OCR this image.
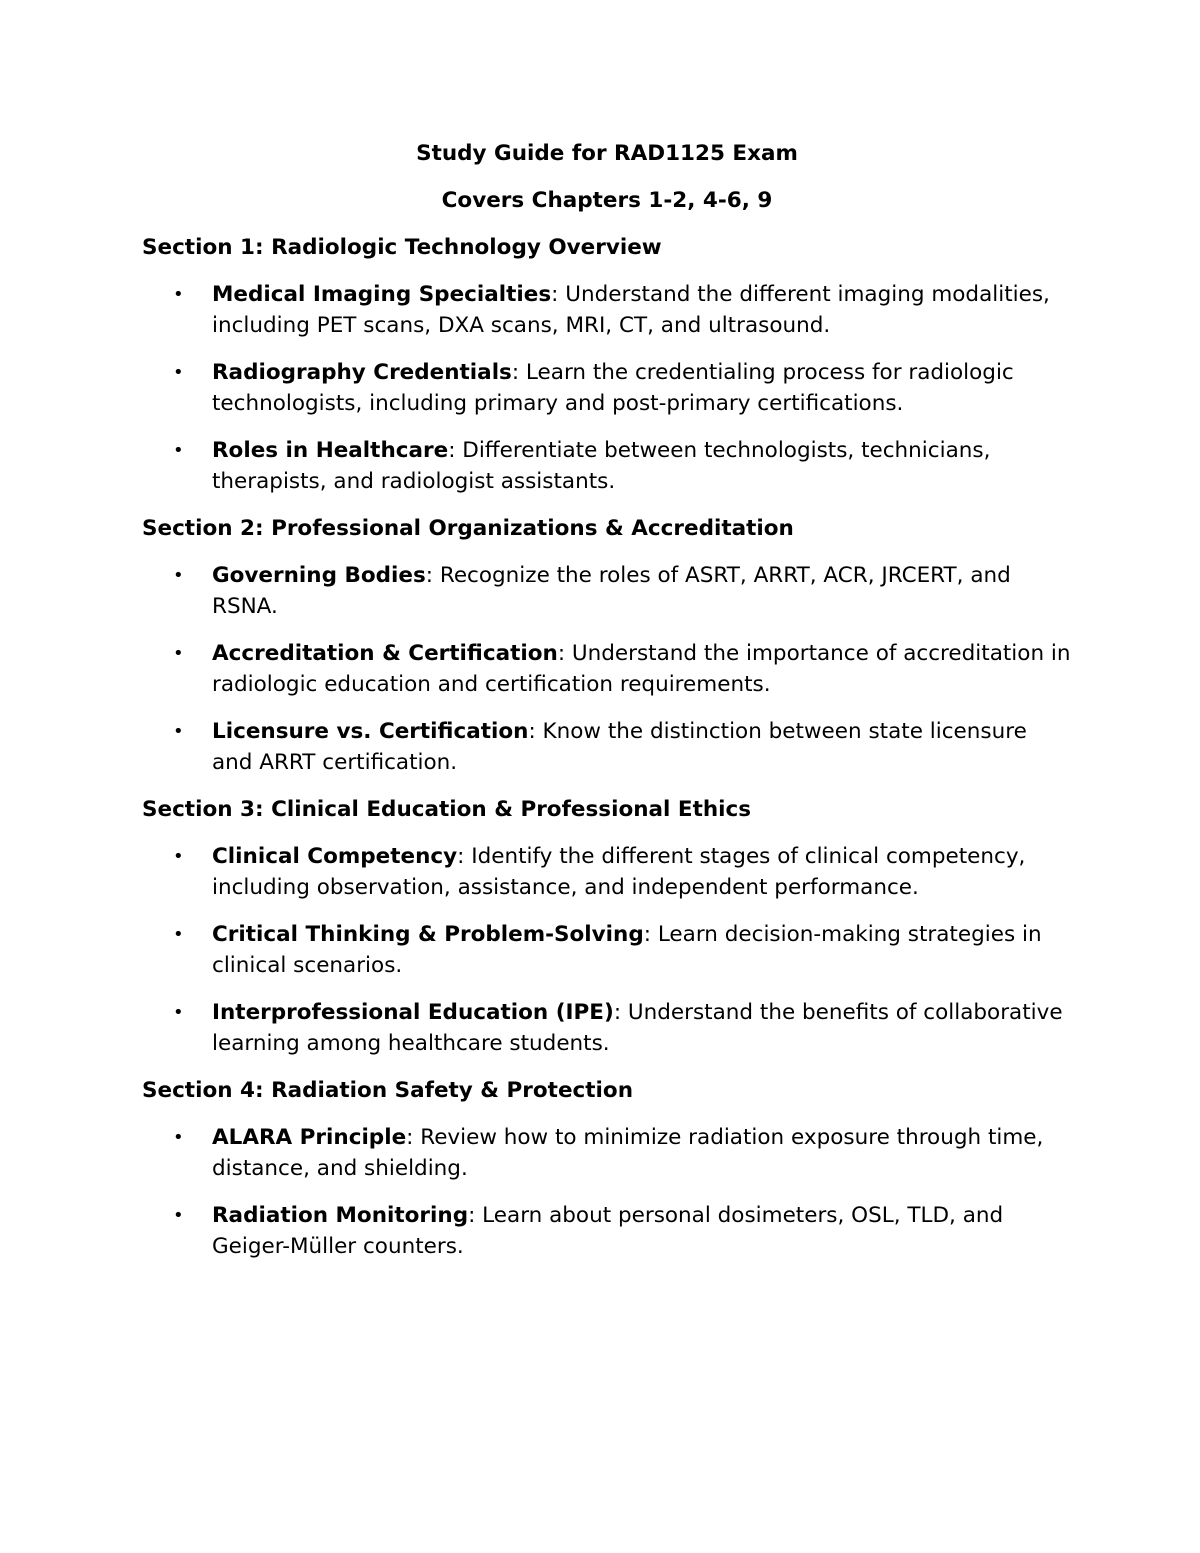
Study Guide for RAD1125 Exam
Covers Chapters 1-2, 4-6, 9
Section 1: Radiologic Technology Overview
• Medical Imaging Specialties: Understand the different imaging modalities, including PET scans, DXA scans, MRI, CT, and ultrasound.
• Radiography Credentials: Learn the credentialing process for radiologic technologists, including primary and post-primary certifications.
• Roles in Healthcare: Differentiate between technologists, technicians, therapists, and radiologist assistants.
Section 2: Professional Organizations & Accreditation
• Governing Bodies: Recognize the roles of ASRT, ARRT, ACR, JRCERT, and RSNA.
• Accreditation & Certification: Understand the importance of accreditation in radiologic education and certification requirements.
• Licensure vs. Certification: Know the distinction between state licensure and ARRT certification.
Section 3: Clinical Education & Professional Ethics
• Clinical Competency: Identify the different stages of clinical competency, including observation, assistance, and independent performance.
• Critical Thinking & Problem-Solving: Learn decision-making strategies in clinical scenarios.
• Interprofessional Education (IPE): Understand the benefits of collaborative learning among healthcare students.
Section 4: Radiation Safety & Protection
• ALARA Principle: Review how to minimize radiation exposure through time, distance, and shielding.
• Radiation Monitoring: Learn about personal dosimeters, OSL, TLD, and Geiger-Müller counters.
